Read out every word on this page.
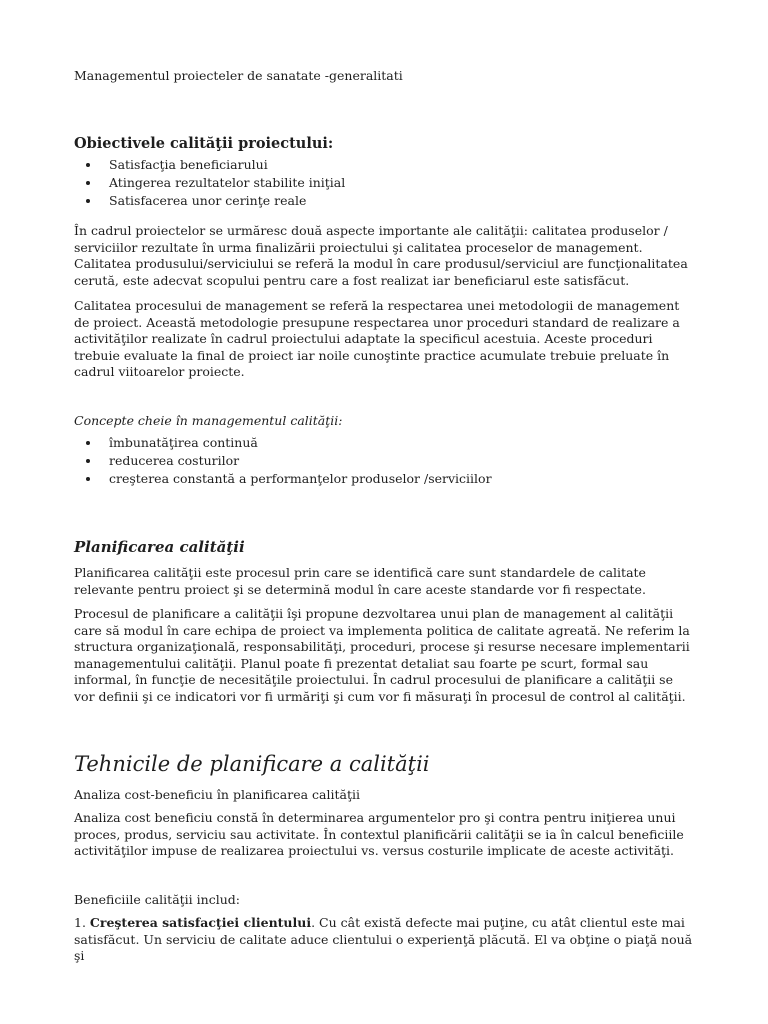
Managementul proiecteler de sanatate -generalitati

Obiectivele calităţii proiectului:
• Satisfacţia beneficiarului
• Atingerea rezultatelor stabilite iniţial
• Satisfacerea unor cerinţe reale

În cadrul proiectelor se urmăresc două aspecte importante ale calităţii: calitatea produselor / serviciilor rezultate în urma finalizării proiectului şi calitatea proceselor de management. Calitatea produsului/serviciului se referă la modul în care produsul/serviciul are funcţionalitatea cerută, este adecvat scopului pentru care a fost realizat iar beneficiarul este satisfăcut.

Calitatea procesului de management se referă la respectarea unei metodologii de management de proiect. Această metodologie presupune respectarea unor proceduri standard de realizare a activităţilor realizate în cadrul proiectului adaptate la specificul acestuia. Aceste proceduri trebuie evaluate la final de proiect iar noile cunoştinte practice acumulate trebuie preluate în cadrul viitoarelor proiecte.

Concepte cheie în managementul calităţii:

• îmbunatăţirea continuă
• reducerea costurilor
• creşterea constantă a performanţelor produselor /serviciilor
Planificarea calităţii

Planificarea calităţii este procesul prin care se identifică care sunt standardele de calitate relevante pentru proiect şi se determină modul în care aceste standarde vor fi respectate.

Procesul de planificare a calităţii îşi propune dezvoltarea unui plan de management al calităţii care să modul în care echipa de proiect va implementa politica de calitate agreată. Ne referim la structura organizaţională, responsabilităţi, proceduri, procese şi resurse necesare implementarii managementului calităţii. Planul poate fi prezentat detaliat sau foarte pe scurt, formal sau informal, în funcţie de necesităţile proiectului. În cadrul procesului de planificare a calităţii se vor definii şi ce indicatori vor fi urmăriţi şi cum vor fi măsuraţi în procesul de control al calităţii.

Tehnicile de planificare a calităţii

Analiza cost-beneficiu în planificarea calităţii

Analiza cost beneficiu constă în determinarea argumentelor pro şi contra pentru iniţierea unui proces, produs, serviciu sau activitate. În contextul planificării calităţii se ia în calcul beneficiile activităţilor impuse de realizarea proiectului vs. versus costurile implicate de aceste activităţi.

Beneficiile calităţii includ:

1. Creşterea satisfacţiei clientului. Cu cât există defecte mai puţine, cu atât clientul este mai satisfăcut. Un serviciu de calitate aduce clientului o experienţă plăcută. El va obţine o piaţă nouă şi
